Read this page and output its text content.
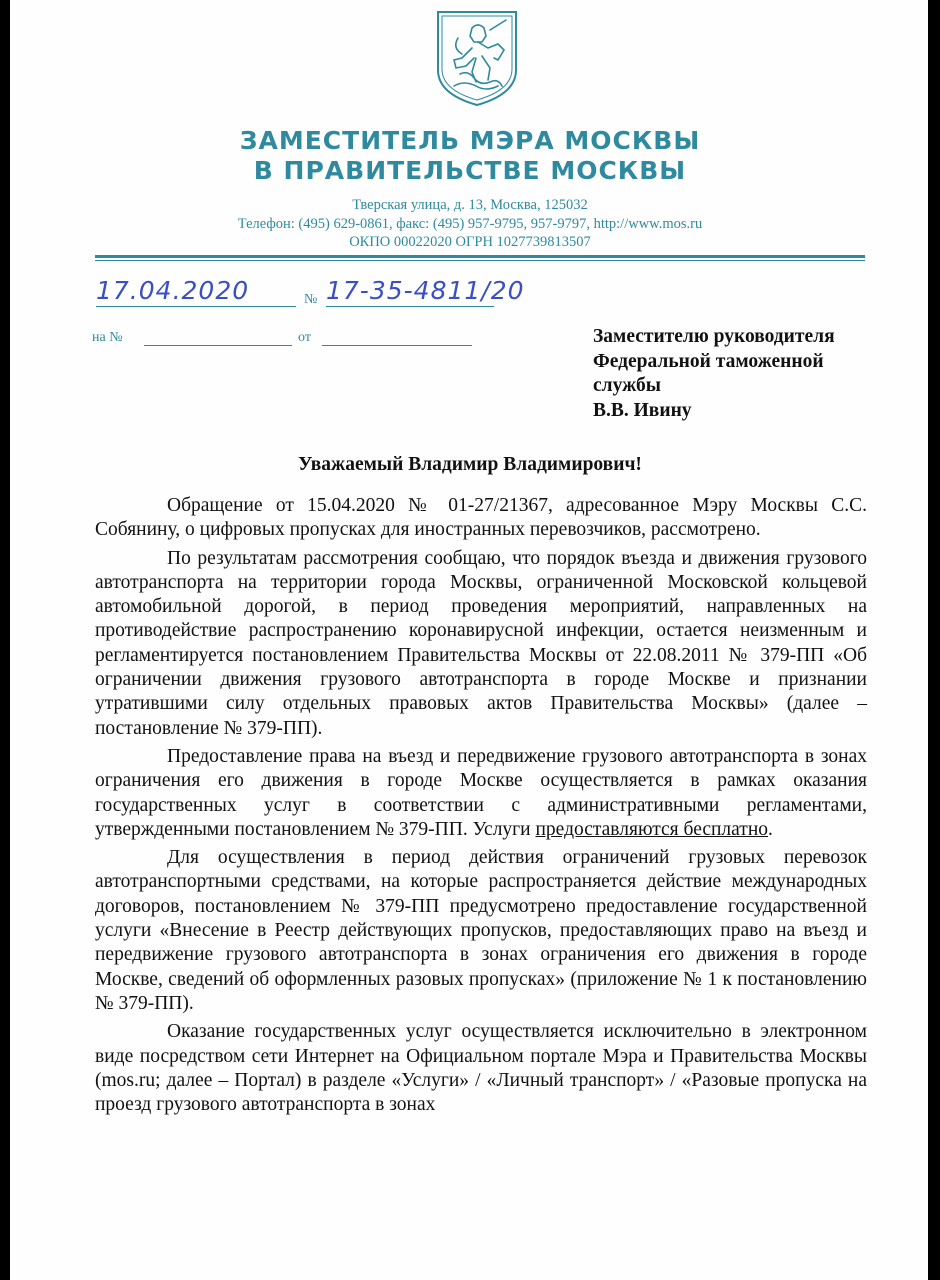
ЗАМЕСТИТЕЛЬ МЭРА МОСКВЫ
В ПРАВИТЕЛЬСТВЕ МОСКВЫ
Тверская улица, д. 13, Москва, 125032
Телефон: (495) 629-0861, факс: (495) 957-9795, 957-9797, http://www.mos.ru
ОКПО 00022020 ОГРН 1027739813507
17.04.2020	№ 17-35-4811/20
на №	от	Заместителю руководителя
Федеральной таможенной
службы
В.В. Ивину
Уважаемый Владимир Владимирович!

Обращение от 15.04.2020 № 01-27/21367, адресованное Мэру Москвы С.С. Собянину, о цифровых пропусках для иностранных перевозчиков, рассмотрено.

По результатам рассмотрения сообщаю, что порядок въезда и движения грузового автотранспорта на территории города Москвы, ограниченной Московской кольцевой автомобильной дорогой, в период проведения мероприятий, направленных на противодействие распространению коронавирусной инфекции, остается неизменным и регламентируется постановлением Правительства Москвы от 22.08.2011 № 379-ПП «Об ограничении движения грузового автотранспорта в городе Москве и признании утратившими силу отдельных правовых актов Правительства Москвы» (далее – постановление № 379-ПП).

Предоставление права на въезд и передвижение грузового автотранспорта в зонах ограничения его движения в городе Москве осуществляется в рамках оказания государственных услуг в соответствии с административными регламентами, утвержденными постановлением № 379-ПП. Услуги предоставляются бесплатно.

Для осуществления в период действия ограничений грузовых перевозок автотранспортными средствами, на которые распространяется действие международных договоров, постановлением № 379-ПП предусмотрено предоставление государственной услуги «Внесение в Реестр действующих пропусков, предоставляющих право на въезд и передвижение грузового автотранспорта в зонах ограничения его движения в городе Москве, сведений об оформленных разовых пропусках» (приложение № 1 к постановлению № 379-ПП).

Оказание государственных услуг осуществляется исключительно в электронном виде посредством сети Интернет на Официальном портале Мэра и Правительства Москвы (mos.ru; далее – Портал) в разделе «Услуги» / «Личный транспорт» / «Разовые пропуска на проезд грузового автотранспорта в зонах
